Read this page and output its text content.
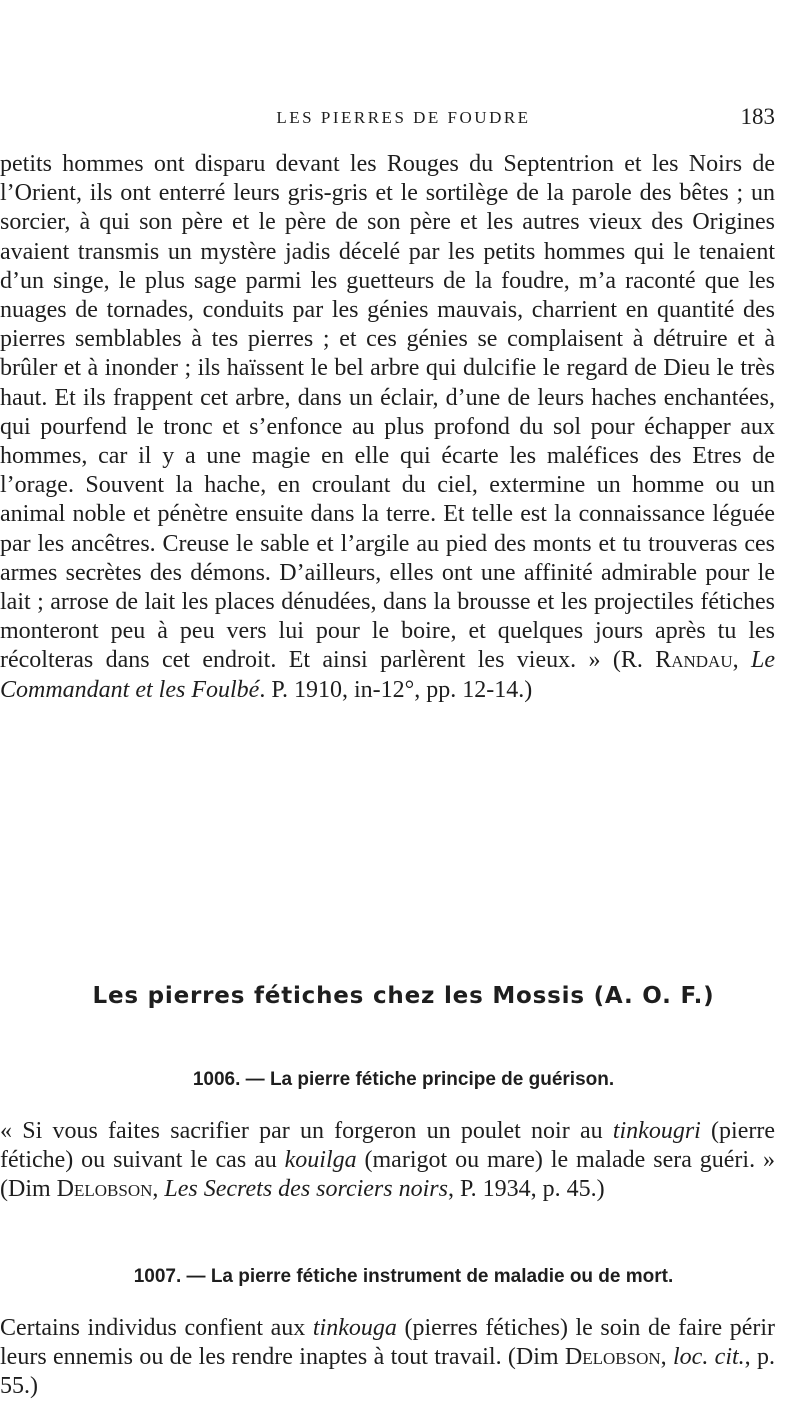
LES PIERRES DE FOUDRE	183

petits hommes ont disparu devant les Rouges du Septentrion et les Noirs de l’Orient, ils ont enterré leurs gris-gris et le sortilège de la parole des bêtes ; un sorcier, à qui son père et le père de son père et les autres vieux des Origines avaient transmis un mystère jadis décelé par les petits hommes qui le tenaient d’un singe, le plus sage parmi les guetteurs de la foudre, m’a raconté que les nuages de tornades, conduits par les génies mauvais, charrient en quantité des pierres semblables à tes pierres ; et ces génies se complaisent à détruire et à brûler et à inonder ; ils haïssent le bel arbre qui dulcifie le regard de Dieu le très haut. Et ils frappent cet arbre, dans un éclair, d’une de leurs haches enchantées, qui pourfend le tronc et s’enfonce au plus profond du sol pour échapper aux hommes, car il y a une magie en elle qui écarte les maléfices des Etres de l’orage. Souvent la hache, en croulant du ciel, extermine un homme ou un animal noble et pénètre ensuite dans la terre. Et telle est la connaissance léguée par les ancêtres. Creuse le sable et l’argile au pied des monts et tu trouveras ces armes secrètes des démons. D’ailleurs, elles ont une affinité admirable pour le lait ; arrose de lait les places dénudées, dans la brousse et les projectiles fétiches monteront peu à peu vers lui pour le boire, et quelques jours après tu les récolteras dans cet endroit. Et ainsi parlèrent les vieux. » (R. Randau, Le Commandant et les Foulbé. P. 1910, in-12°, pp. 12-14.)

Les pierres fétiches chez les Mossis (A. O. F.)
1006. — La pierre fétiche principe de guérison.

« Si vous faites sacrifier par un forgeron un poulet noir au tinkougri (pierre fétiche) ou suivant le cas au kouilga (marigot ou mare) le malade sera guéri. » (Dim Delobson, Les Secrets des sorciers noirs, P. 1934, p. 45.)

1007. — La pierre fétiche instrument de maladie ou de mort.

Certains individus confient aux tinkouga (pierres fétiches) le soin de faire périr leurs ennemis ou de les rendre inaptes à tout travail. (Dim Delobson, loc. cit., p. 55.)
